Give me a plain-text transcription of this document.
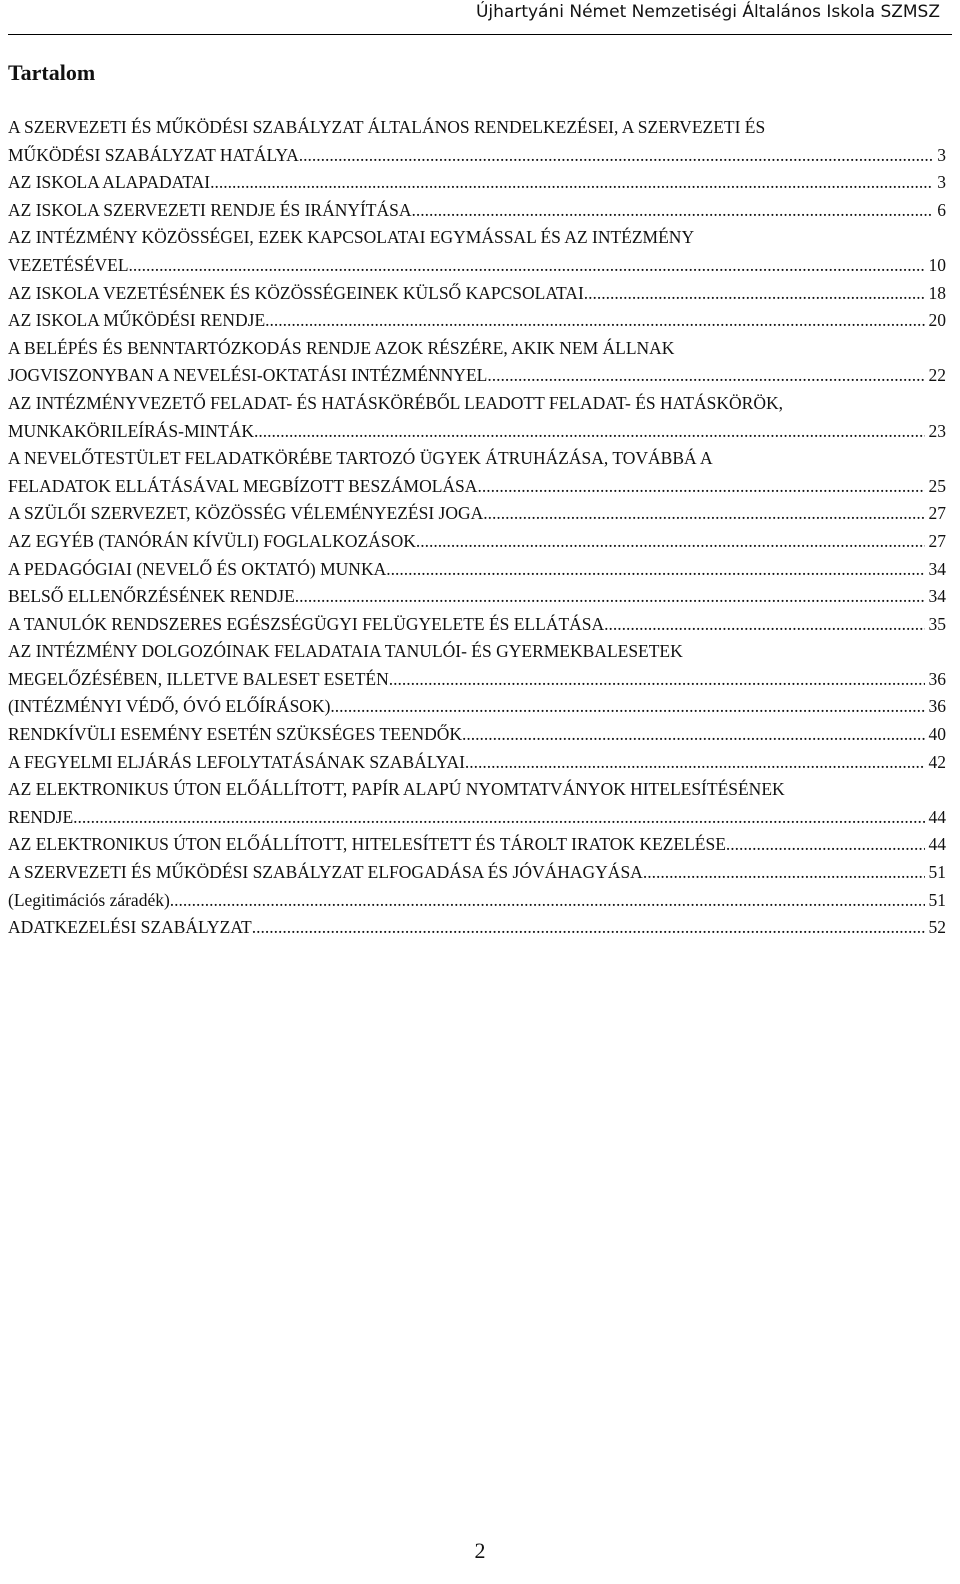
Újhartyáni Német Nemzetiségi Általános Iskola SZMSZ
Tartalom
A SZERVEZETI ÉS MŰKÖDÉSI SZABÁLYZAT ÁLTALÁNOS RENDELKEZÉSEI, A SZERVEZETI ÉS
MŰKÖDÉSI SZABÁLYZAT HATÁLYA .....	3
AZ ISKOLA ALAPADATAI .....	3
AZ ISKOLA SZERVEZETI RENDJE ÉS IRÁNYÍTÁSA .....	6
AZ INTÉZMÉNY KÖZÖSSÉGEI, EZEK KAPCSOLATAI EGYMÁSSAL ÉS AZ INTÉZMÉNY
VEZETÉSÉVEL .....	10
AZ ISKOLA VEZETÉSÉNEK ÉS KÖZÖSSÉGEINEK KÜLSŐ KAPCSOLATAI .....	18
AZ ISKOLA MŰKÖDÉSI RENDJE .....	20
A BELÉPÉS ÉS BENNTARTÓZKODÁS RENDJE AZOK RÉSZÉRE, AKIK NEM ÁLLNAK
JOGVISZONYBAN A NEVELÉSI-OKTATÁSI INTÉZMÉNNYEL. .....	22
AZ INTÉZMÉNYVEZETŐ FELADAT- ÉS HATÁSKÖRÉBŐL LEADOTT FELADAT- ÉS HATÁSKÖRÖK,
MUNKAKÖRILEÍRÁS-MINTÁK. .....	23
A NEVELŐTESTÜLET FELADATKÖRÉBE TARTOZÓ ÜGYEK ÁTRUHÁZÁSA, TOVÁBBÁ A
FELADATOK ELLÁTÁSÁVAL MEGBÍZOTT BESZÁMOLÁSA .....	25
A SZÜLŐI SZERVEZET, KÖZÖSSÉG VÉLEMÉNYEZÉSI JOGA .....	27
AZ EGYÉB (TANÓRÁN KÍVÜLI) FOGLALKOZÁSOK .....	27
A PEDAGÓGIAI (NEVELŐ ÉS OKTATÓ) MUNKA .....	34
BELSŐ ELLENŐRZÉSÉNEK RENDJE .....	34
A TANULÓK RENDSZERES EGÉSZSÉGÜGYI FELÜGYELETE ÉS ELLÁTÁSA .....	35
AZ INTÉZMÉNY DOLGOZÓINAK FELADATAIA TANULÓI- ÉS GYERMEKBALESETEK
MEGELŐZÉSÉBEN, ILLETVE BALESET ESETÉN .....	36
(INTÉZMÉNYI VÉDŐ, ÓVÓ ELŐÍRÁSOK) .....	36
RENDKÍVÜLI ESEMÉNY ESETÉN SZÜKSÉGES TEENDŐK .....	40
A FEGYELMI ELJÁRÁS LEFOLYTATÁSÁNAK SZABÁLYAI .....	42
AZ ELEKTRONIKUS ÚTON ELŐÁLLÍTOTT, PAPÍR ALAPÚ NYOMTATVÁNYOK HITELESÍTÉSÉNEK
RENDJE .....	44
AZ ELEKTRONIKUS ÚTON ELŐÁLLÍTOTT, HITELESÍTETT ÉS TÁROLT IRATOK KEZELÉSE .....	44
A SZERVEZETI ÉS MŰKÖDÉSI SZABÁLYZAT ELFOGADÁSA ÉS JÓVÁHAGYÁSA .....	51
(Legitimációs záradék) .....	51
ADATKEZELÉSI SZABÁLYZAT .....	52
2
